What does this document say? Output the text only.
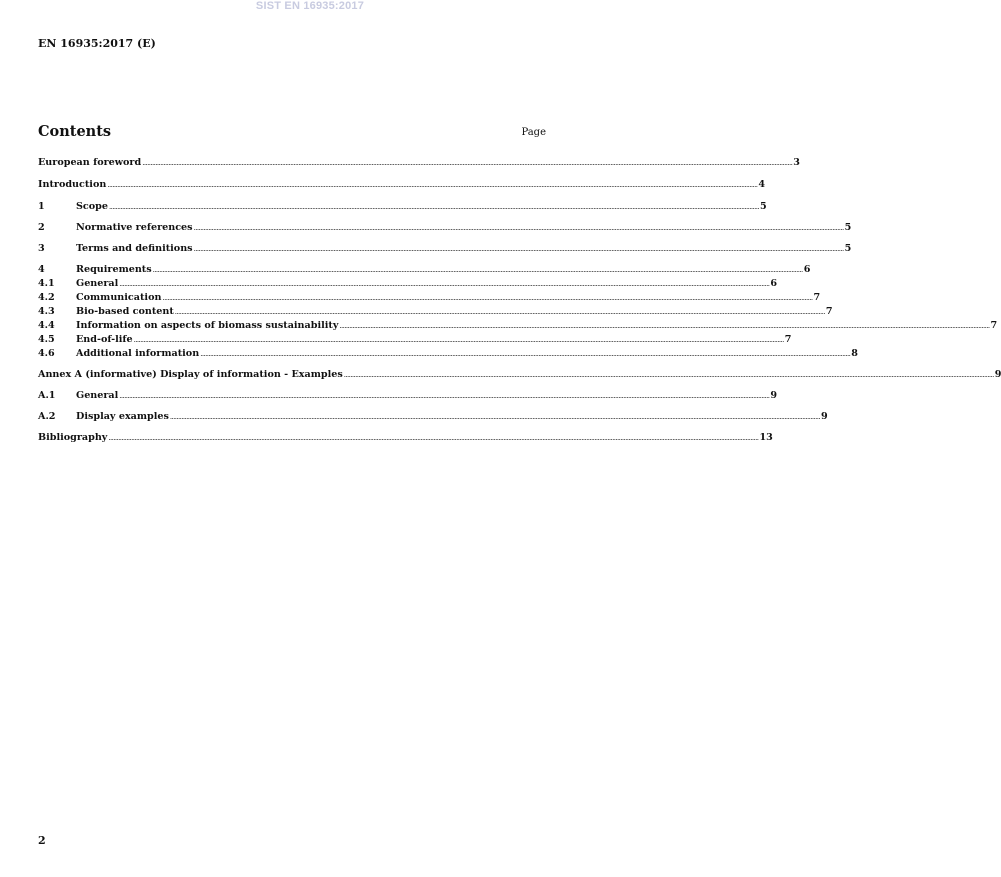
SIST EN 16935:2017
EN 16935:2017 (E)
Contents	Page
European foreword ................................................................................................................................................................................................................................................................................................................................................................................................................ 3
Introduction ................................................................................................................................................................................................................................................................................................................................................................................................................ 4
1	Scope ................................................................................................................................................................................................................................................................................................................................................................................................................ 5
2	Normative references ................................................................................................................................................................................................................................................................................................................................................................................................................ 5
3	Terms and definitions ................................................................................................................................................................................................................................................................................................................................................................................................................ 5
4	Requirements ................................................................................................................................................................................................................................................................................................................................................................................................................ 6
4.1	General ................................................................................................................................................................................................................................................................................................................................................................................................................ 6
4.2	Communication ................................................................................................................................................................................................................................................................................................................................................................................................................ 7
4.3	Bio-based content ................................................................................................................................................................................................................................................................................................................................................................................................................ 7
4.4	Information on aspects of biomass sustainability ................................................................................................................................................................................................................................................................................................................................................................................................................ 7
4.5	End-of-life ................................................................................................................................................................................................................................................................................................................................................................................................................ 7
4.6	Additional information ................................................................................................................................................................................................................................................................................................................................................................................................................ 8
Annex A (informative) Display of information - Examples ................................................................................................................................................................................................................................................................................................................................................................................................................ 9
A.1	General ................................................................................................................................................................................................................................................................................................................................................................................................................ 9
A.2	Display examples ................................................................................................................................................................................................................................................................................................................................................................................................................ 9
Bibliography ................................................................................................................................................................................................................................................................................................................................................................................................................ 13
2
